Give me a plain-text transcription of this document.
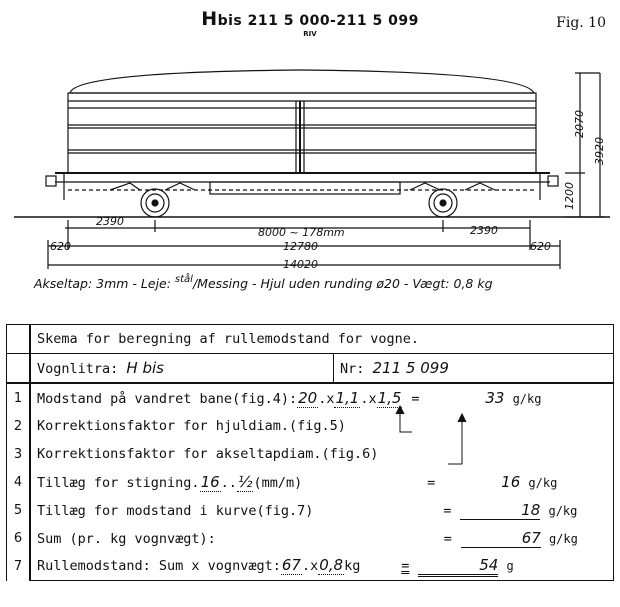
Hbis 211 5 000-211 5 099
RIV
Fig. 10
2070
3920
1200
2390
8000 ~ 178mm	2390
620	12780	620
14020
Akseltap: 3mm - Leje: $^{stål}$/Messing - Hjul uden runding ø20 - Vægt: 0,8 kg
	Skema for beregning af rullemodstand for vogne.	
	Vognlitra: H bis	Nr: 211 5 099
1	Modstand på vandret bane(fig.4):20.x1,1.x1,5 = 33 g/kg	
2	Korrektionsfaktor for hjuldiam.(fig.5)	
3	Korrektionsfaktor for akseltapdiam.(fig.6)	
4	Tillæg for stigning.16..½(mm/m) = 16 g/kg	
5	Tillæg for modstand i kurve(fig.7) = 18 g/kg	
6	Sum (pr. kg vognvægt): = 67 g/kg	
7	Rullemodstand: Sum x vognvægt:67.x0,8kg = 54 g	
